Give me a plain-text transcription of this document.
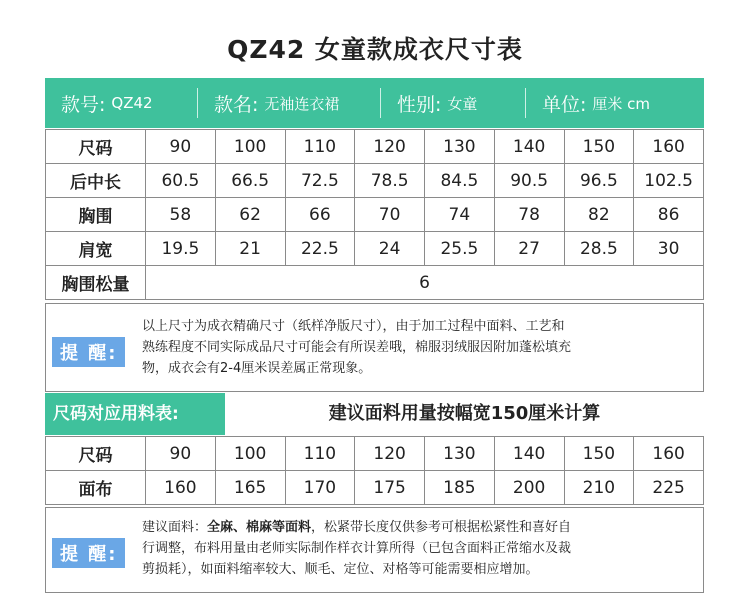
QZ42 女童款成衣尺寸表
款号: QZ42	款名: 无袖连衣裙	性别: 女童	单位: 厘米 cm
尺码	90	100	110	120	130	140	150	160
后中长	60.5	66.5	72.5	78.5	84.5	90.5	96.5	102.5
胸围	58	62	66	70	74	78	82	86
肩宽	19.5	21	22.5	24	25.5	27	28.5	30
胸围松量	6							
提 醒:
以上尺寸为成衣精确尺寸（纸样净版尺寸），由于加工过程中面料、工艺和
熟练程度不同实际成品尺寸可能会有所误差哦，棉服羽绒服因附加蓬松填充
物，成衣会有2-4厘米误差属正常现象。
尺码对应用料表:	建议面料用量按幅宽150厘米计算
尺码	90	100	110	120	130	140	150	160
面布	160	165	170	175	185	200	210	225
提 醒:
建议面料：全麻、棉麻等面料，松紧带长度仅供参考可根据松紧性和喜好自
行调整，布料用量由老师实际制作样衣计算所得（已包含面料正常缩水及裁
剪损耗），如面料缩率较大、顺毛、定位、对格等可能需要相应增加。
